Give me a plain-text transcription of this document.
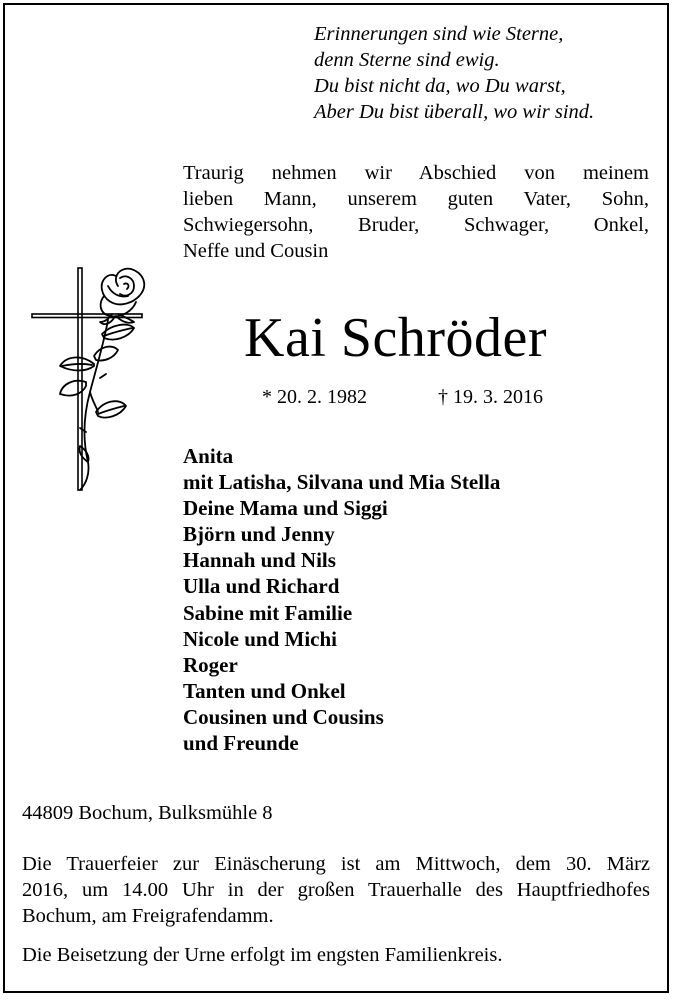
Erinnerungen sind wie Sterne,
denn Sterne sind ewig.
Du bist nicht da, wo Du warst,
Aber Du bist überall, wo wir sind.
Traurig nehmen wir Abschied von meinem
lieben Mann, unserem guten Vater, Sohn,
Schwiegersohn, Bruder, Schwager, Onkel,
Neffe und Cousin
Kai Schröder
* 20. 2. 1982	† 19. 3. 2016
Anita
mit Latisha, Silvana und Mia Stella
Deine Mama und Siggi
Björn und Jenny
Hannah und Nils
Ulla und Richard
Sabine mit Familie
Nicole und Michi
Roger
Tanten und Onkel
Cousinen und Cousins
und Freunde
44809 Bochum, Bulksmühle 8
Die Trauerfeier zur Einäscherung ist am Mittwoch, dem 30. März
2016, um 14.00 Uhr in der großen Trauerhalle des Hauptfriedhofes
Bochum, am Freigrafendamm.
Die Beisetzung der Urne erfolgt im engsten Familienkreis.
